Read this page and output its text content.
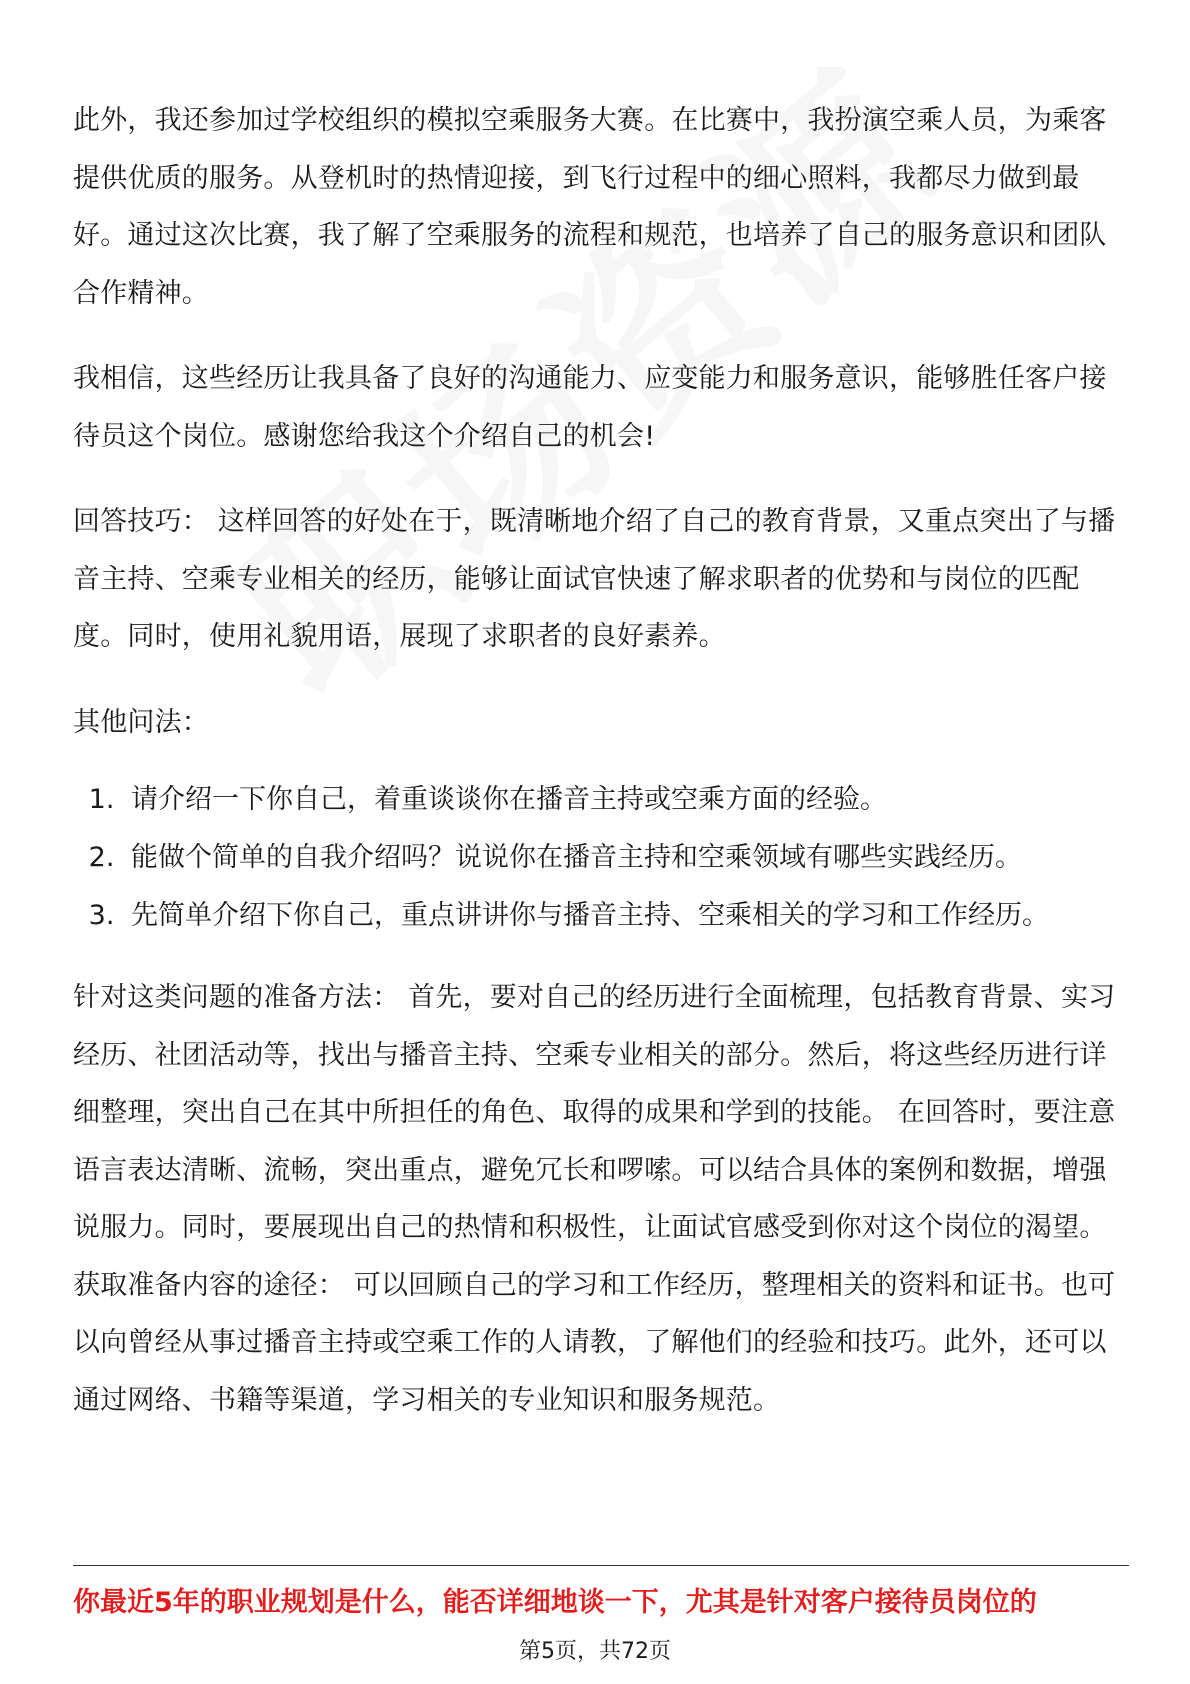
此外，我还参加过学校组织的模拟空乘服务大赛。在比赛中，我扮演空乘人员，为乘客提供优质的服务。从登机时的热情迎接，到飞行过程中的细心照料，我都尽力做到最好。通过这次比赛，我了解了空乘服务的流程和规范，也培养了自己的服务意识和团队合作精神。

我相信，这些经历让我具备了良好的沟通能力、应变能力和服务意识，能够胜任客户接待员这个岗位。感谢您给我这个介绍自己的机会!

回答技巧： 这样回答的好处在于，既清晰地介绍了自己的教育背景，又重点突出了与播音主持、空乘专业相关的经历，能够让面试官快速了解求职者的优势和与岗位的匹配度。同时，使用礼貌用语，展现了求职者的良好素养。

其他问法：

1. 请介绍一下你自己，着重谈谈你在播音主持或空乘方面的经验。
2. 能做个简单的自我介绍吗？说说你在播音主持和空乘领域有哪些实践经历。
3. 先简单介绍下你自己，重点讲讲你与播音主持、空乘相关的学习和工作经历。

针对这类问题的准备方法： 首先，要对自己的经历进行全面梳理，包括教育背景、实习经历、社团活动等，找出与播音主持、空乘专业相关的部分。然后，将这些经历进行详细整理，突出自己在其中所担任的角色、取得的成果和学到的技能。 在回答时，要注意语言表达清晰、流畅，突出重点，避免冗长和啰嗦。可以结合具体的案例和数据，增强说服力。同时，要展现出自己的热情和积极性，让面试官感受到你对这个岗位的渴望。 获取准备内容的途径： 可以回顾自己的学习和工作经历，整理相关的资料和证书。也可以向曾经从事过播音主持或空乘工作的人请教，了解他们的经验和技巧。此外，还可以通过网络、书籍等渠道，学习相关的专业知识和服务规范。

你最近5年的职业规划是什么，能否详细地谈一下，尤其是针对客户接待员岗位的
第5页，共72页
